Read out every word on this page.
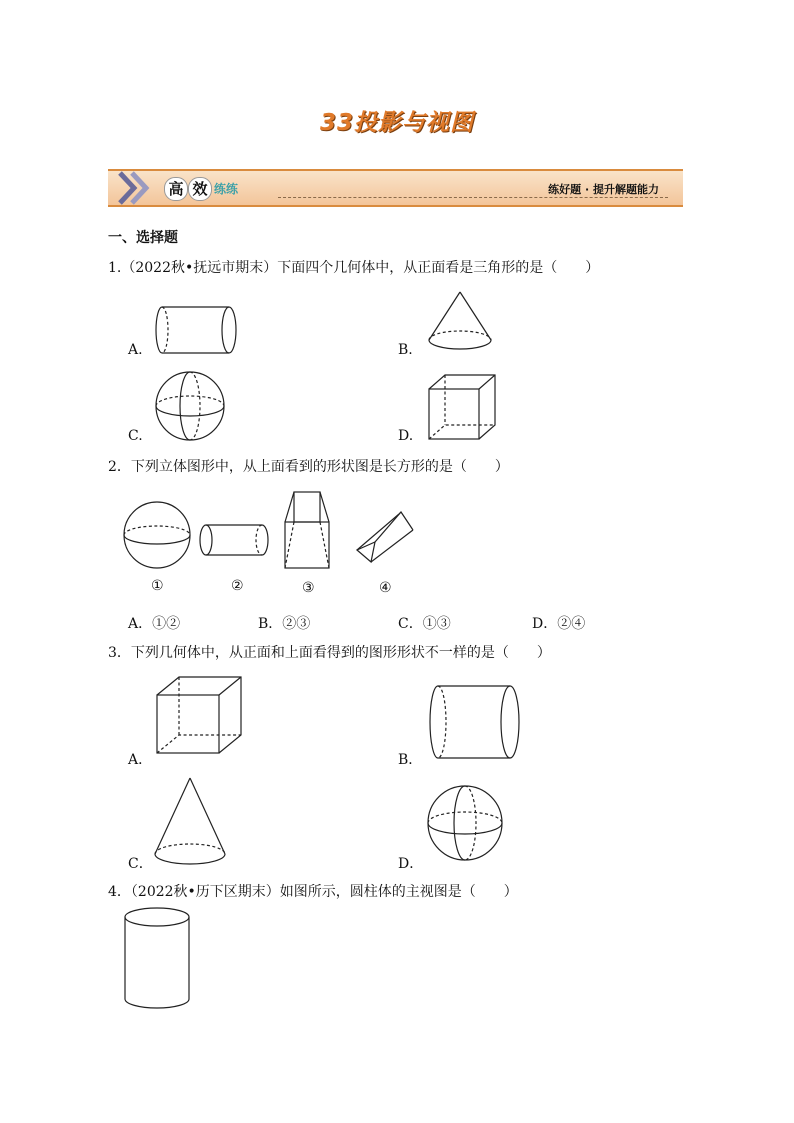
33投影与视图
高 效 练练	练好题 · 提升解题能力
一、选择题
1.（2022秋•抚远市期末）下面四个几何体中，从正面看是三角形的是（　　）
A.	B.
C.	D.
2．下列立体图形中，从上面看到的形状图是长方形的是（　　）
①	②	③	④
A．①②	B．②③	C．①③	D．②④
3．下列几何体中，从正面和上面看得到的图形形状不一样的是（　　）
A．	B．
C．	D．
4．（2022秋•历下区期末）如图所示，圆柱体的主视图是（　　）
